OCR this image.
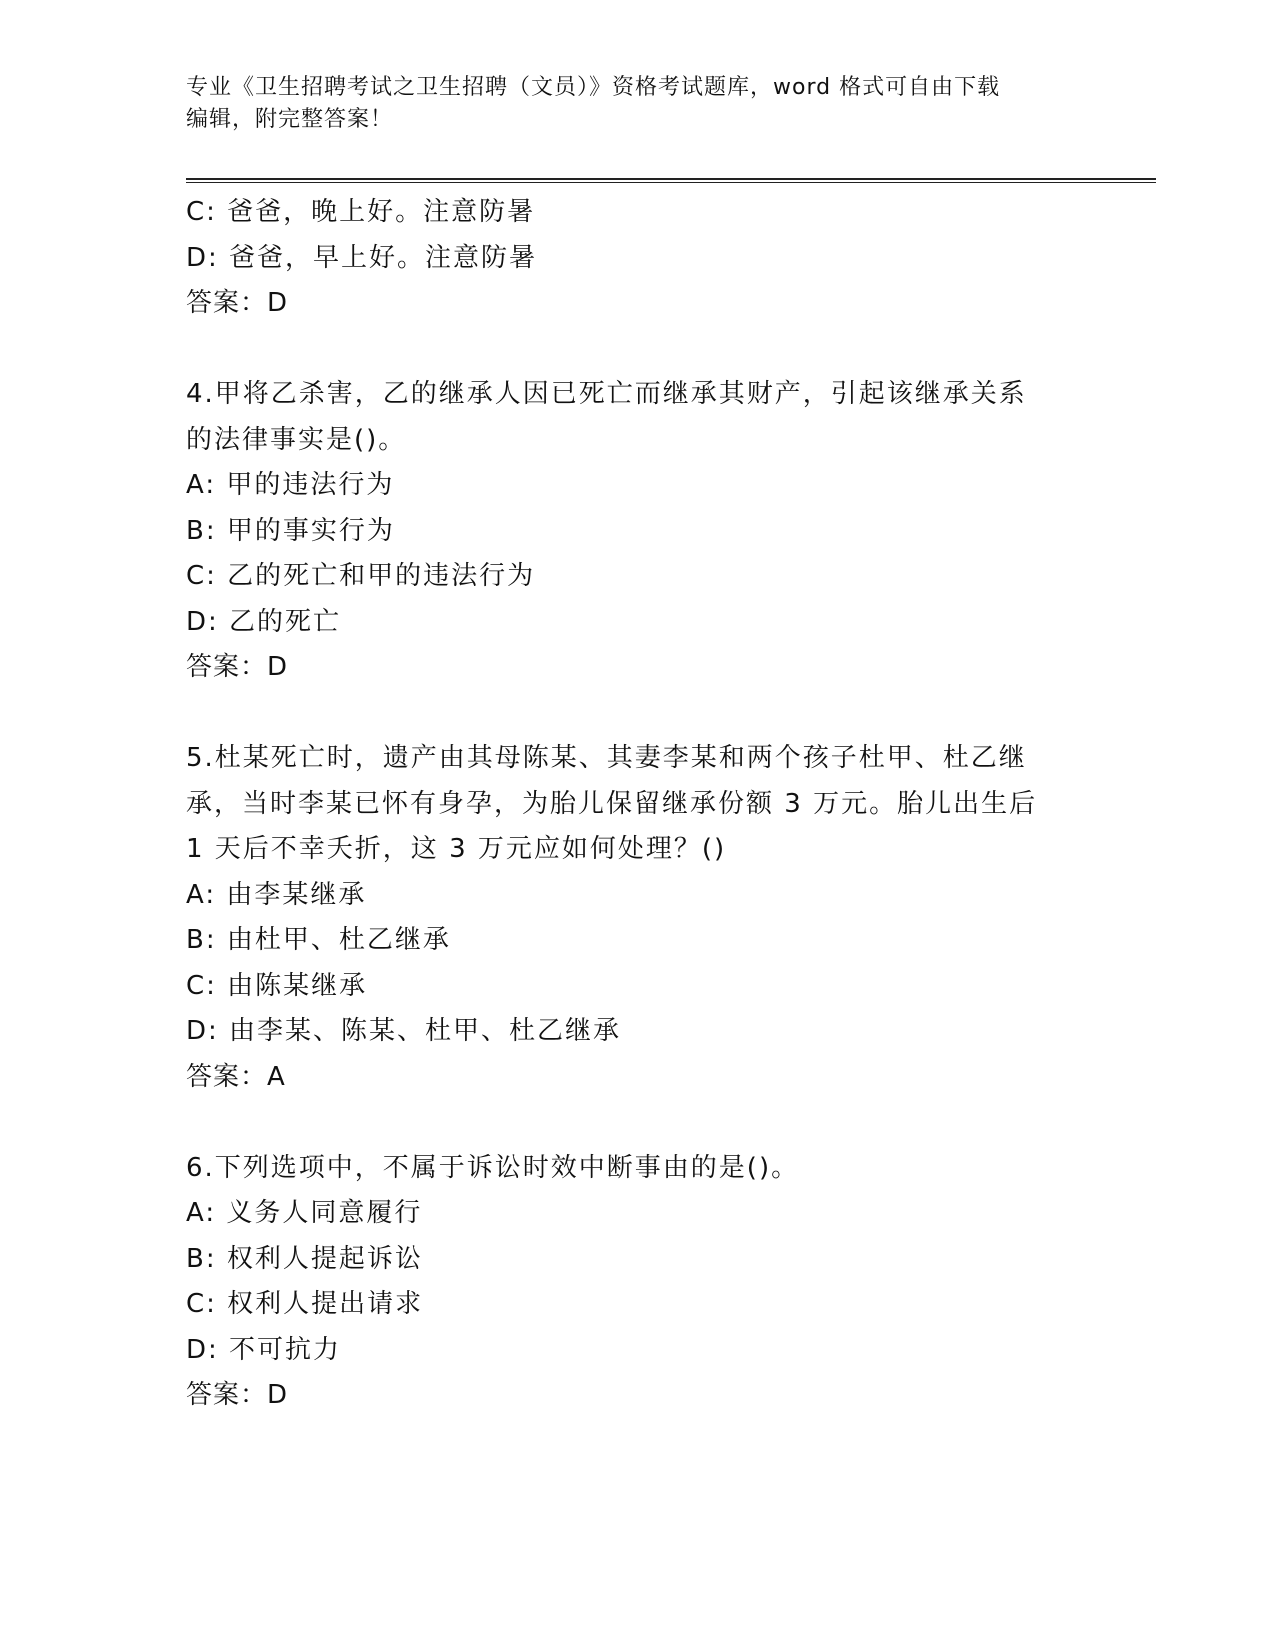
专业《卫生招聘考试之卫生招聘（文员）》资格考试题库，word 格式可自由下载
编辑，附完整答案！
C: 爸爸，晚上好。注意防暑
D: 爸爸，早上好。注意防暑
答案：D
4.甲将乙杀害，乙的继承人因已死亡而继承其财产，引起该继承关系
的法律事实是()。
A: 甲的违法行为
B: 甲的事实行为
C: 乙的死亡和甲的违法行为
D: 乙的死亡
答案：D
5.杜某死亡时，遗产由其母陈某、其妻李某和两个孩子杜甲、杜乙继
承，当时李某已怀有身孕，为胎儿保留继承份额 3 万元。胎儿出生后
1 天后不幸夭折，这 3 万元应如何处理？()
A: 由李某继承
B: 由杜甲、杜乙继承
C: 由陈某继承
D: 由李某、陈某、杜甲、杜乙继承
答案：A
6.下列选项中，不属于诉讼时效中断事由的是()。
A: 义务人同意履行
B: 权利人提起诉讼
C: 权利人提出请求
D: 不可抗力
答案：D
